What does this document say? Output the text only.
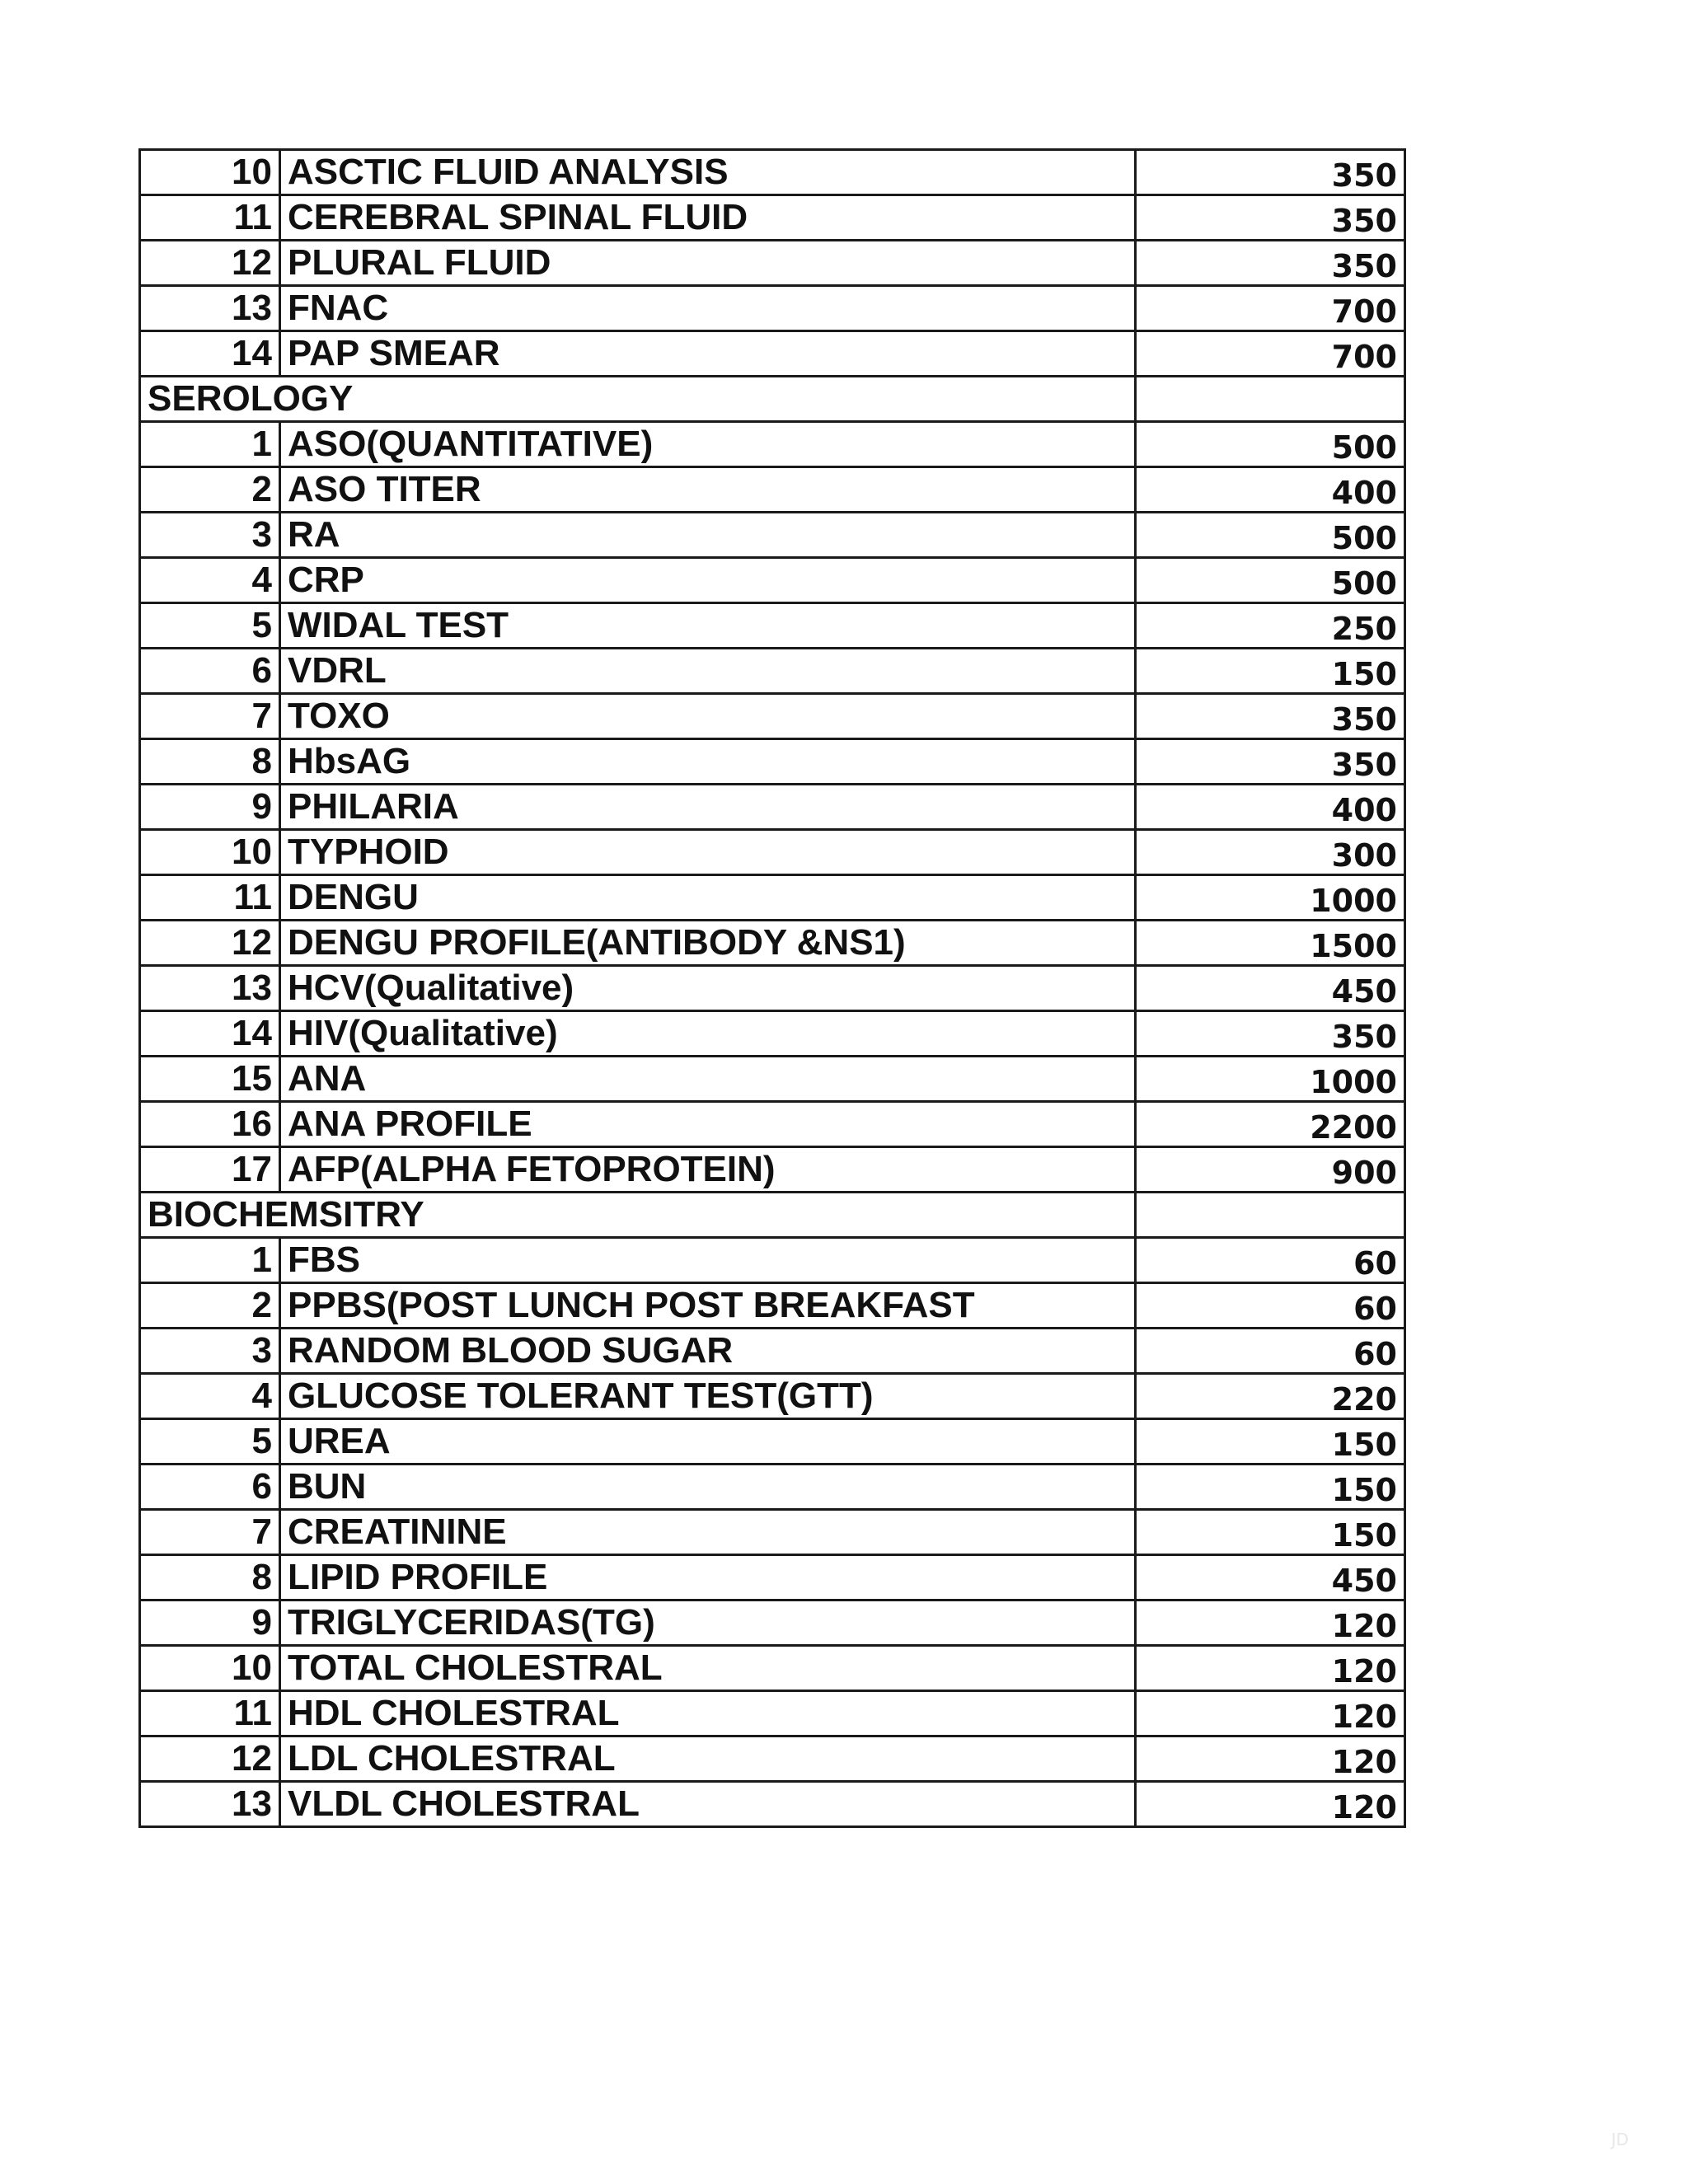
10	ASCTIC FLUID ANALYSIS	350
11	CEREBRAL SPINAL FLUID	350
12	PLURAL FLUID	350
13	FNAC	700
14	PAP SMEAR	700
SEROLOGY		
1	ASO(QUANTITATIVE)	500
2	ASO TITER	400
3	RA	500
4	CRP	500
5	WIDAL TEST	250
6	VDRL	150
7	TOXO	350
8	HbsAG	350
9	PHILARIA	400
10	TYPHOID	300
11	DENGU	1000
12	DENGU PROFILE(ANTIBODY &NS1)	1500
13	HCV(Qualitative)	450
14	HIV(Qualitative)	350
15	ANA	1000
16	ANA PROFILE	2200
17	AFP(ALPHA FETOPROTEIN)	900
BIOCHEMSITRY		
1	FBS	60
2	PPBS(POST LUNCH POST BREAKFAST	60
3	RANDOM BLOOD SUGAR	60
4	GLUCOSE TOLERANT TEST(GTT)	220
5	UREA	150
6	BUN	150
7	CREATININE	150
8	LIPID PROFILE	450
9	TRIGLYCERIDAS(TG)	120
10	TOTAL CHOLESTRAL	120
11	HDL CHOLESTRAL	120
12	LDL CHOLESTRAL	120
13	VLDL CHOLESTRAL	120
JD
